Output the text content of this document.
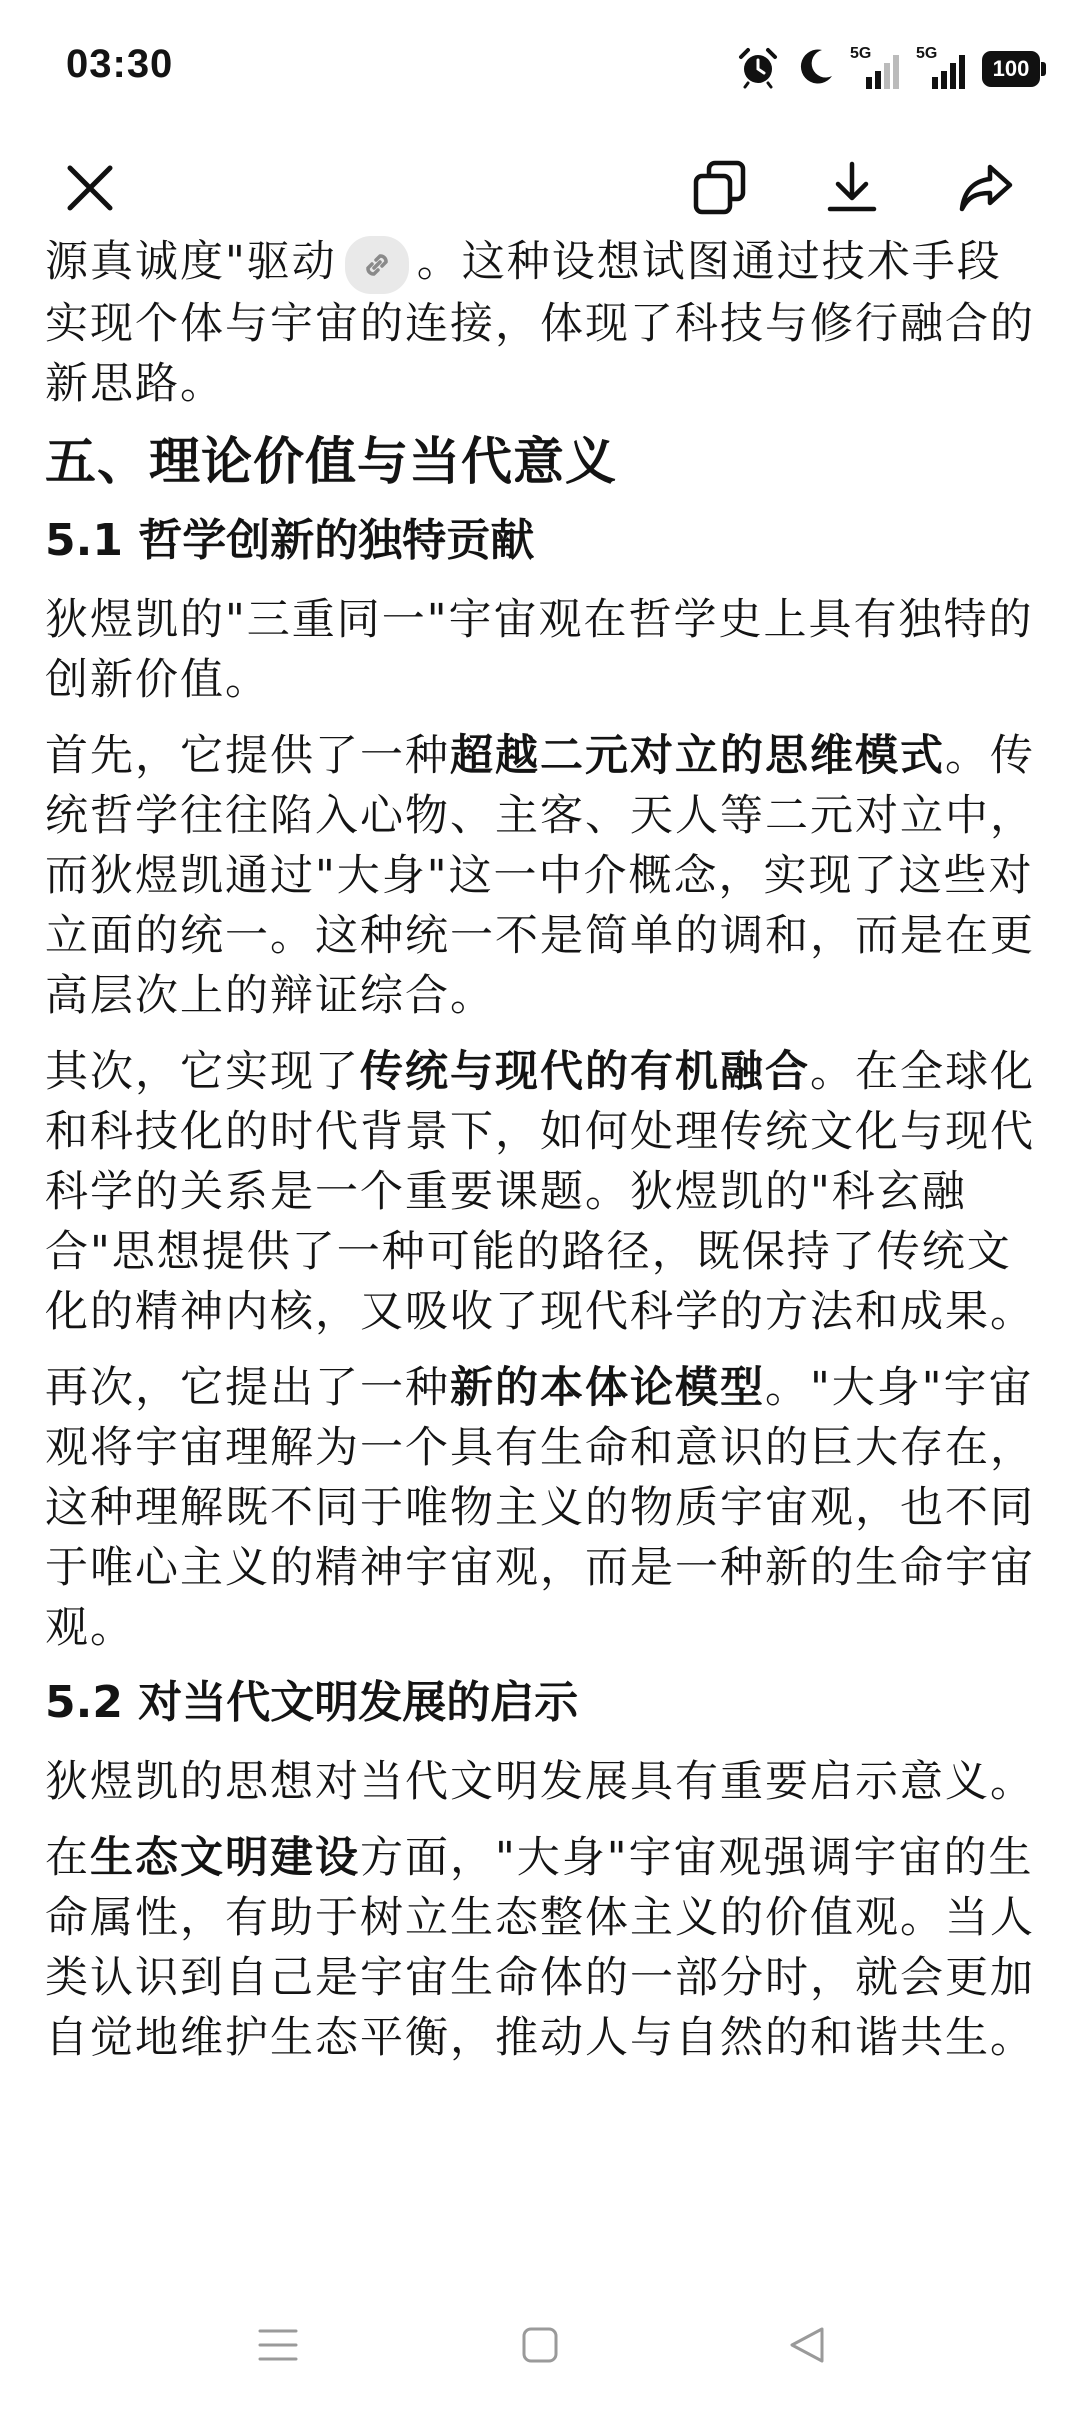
03:30	5G	5G
100

源真诚度"驱动 。这种设想试图通过技术手段实现个体与宇宙的连接，体现了科技与修行融合的新思路。

五、理论价值与当代意义
5.1 哲学创新的独特贡献

狄煜凯的"三重同一"宇宙观在哲学史上具有独特的创新价值。

首先，它提供了一种超越二元对立的思维模式。传统哲学往往陷入心物、主客、天人等二元对立中，而狄煜凯通过"大身"这一中介概念，实现了这些对立面的统一。这种统一不是简单的调和，而是在更高层次上的辩证综合。

其次，它实现了传统与现代的有机融合。在全球化和科技化的时代背景下，如何处理传统文化与现代科学的关系是一个重要课题。狄煜凯的"科玄融合"思想提供了一种可能的路径，既保持了传统文化的精神内核，又吸收了现代科学的方法和成果。

再次，它提出了一种新的本体论模型。"大身"宇宙观将宇宙理解为一个具有生命和意识的巨大存在，这种理解既不同于唯物主义的物质宇宙观，也不同于唯心主义的精神宇宙观，而是一种新的生命宇宙观。

5.2 对当代文明发展的启示

狄煜凯的思想对当代文明发展具有重要启示意义。

在生态文明建设方面，"大身"宇宙观强调宇宙的生命属性，有助于树立生态整体主义的价值观。当人类认识到自己是宇宙生命体的一部分时，就会更加自觉地维护生态平衡，推动人与自然的和谐共生。
